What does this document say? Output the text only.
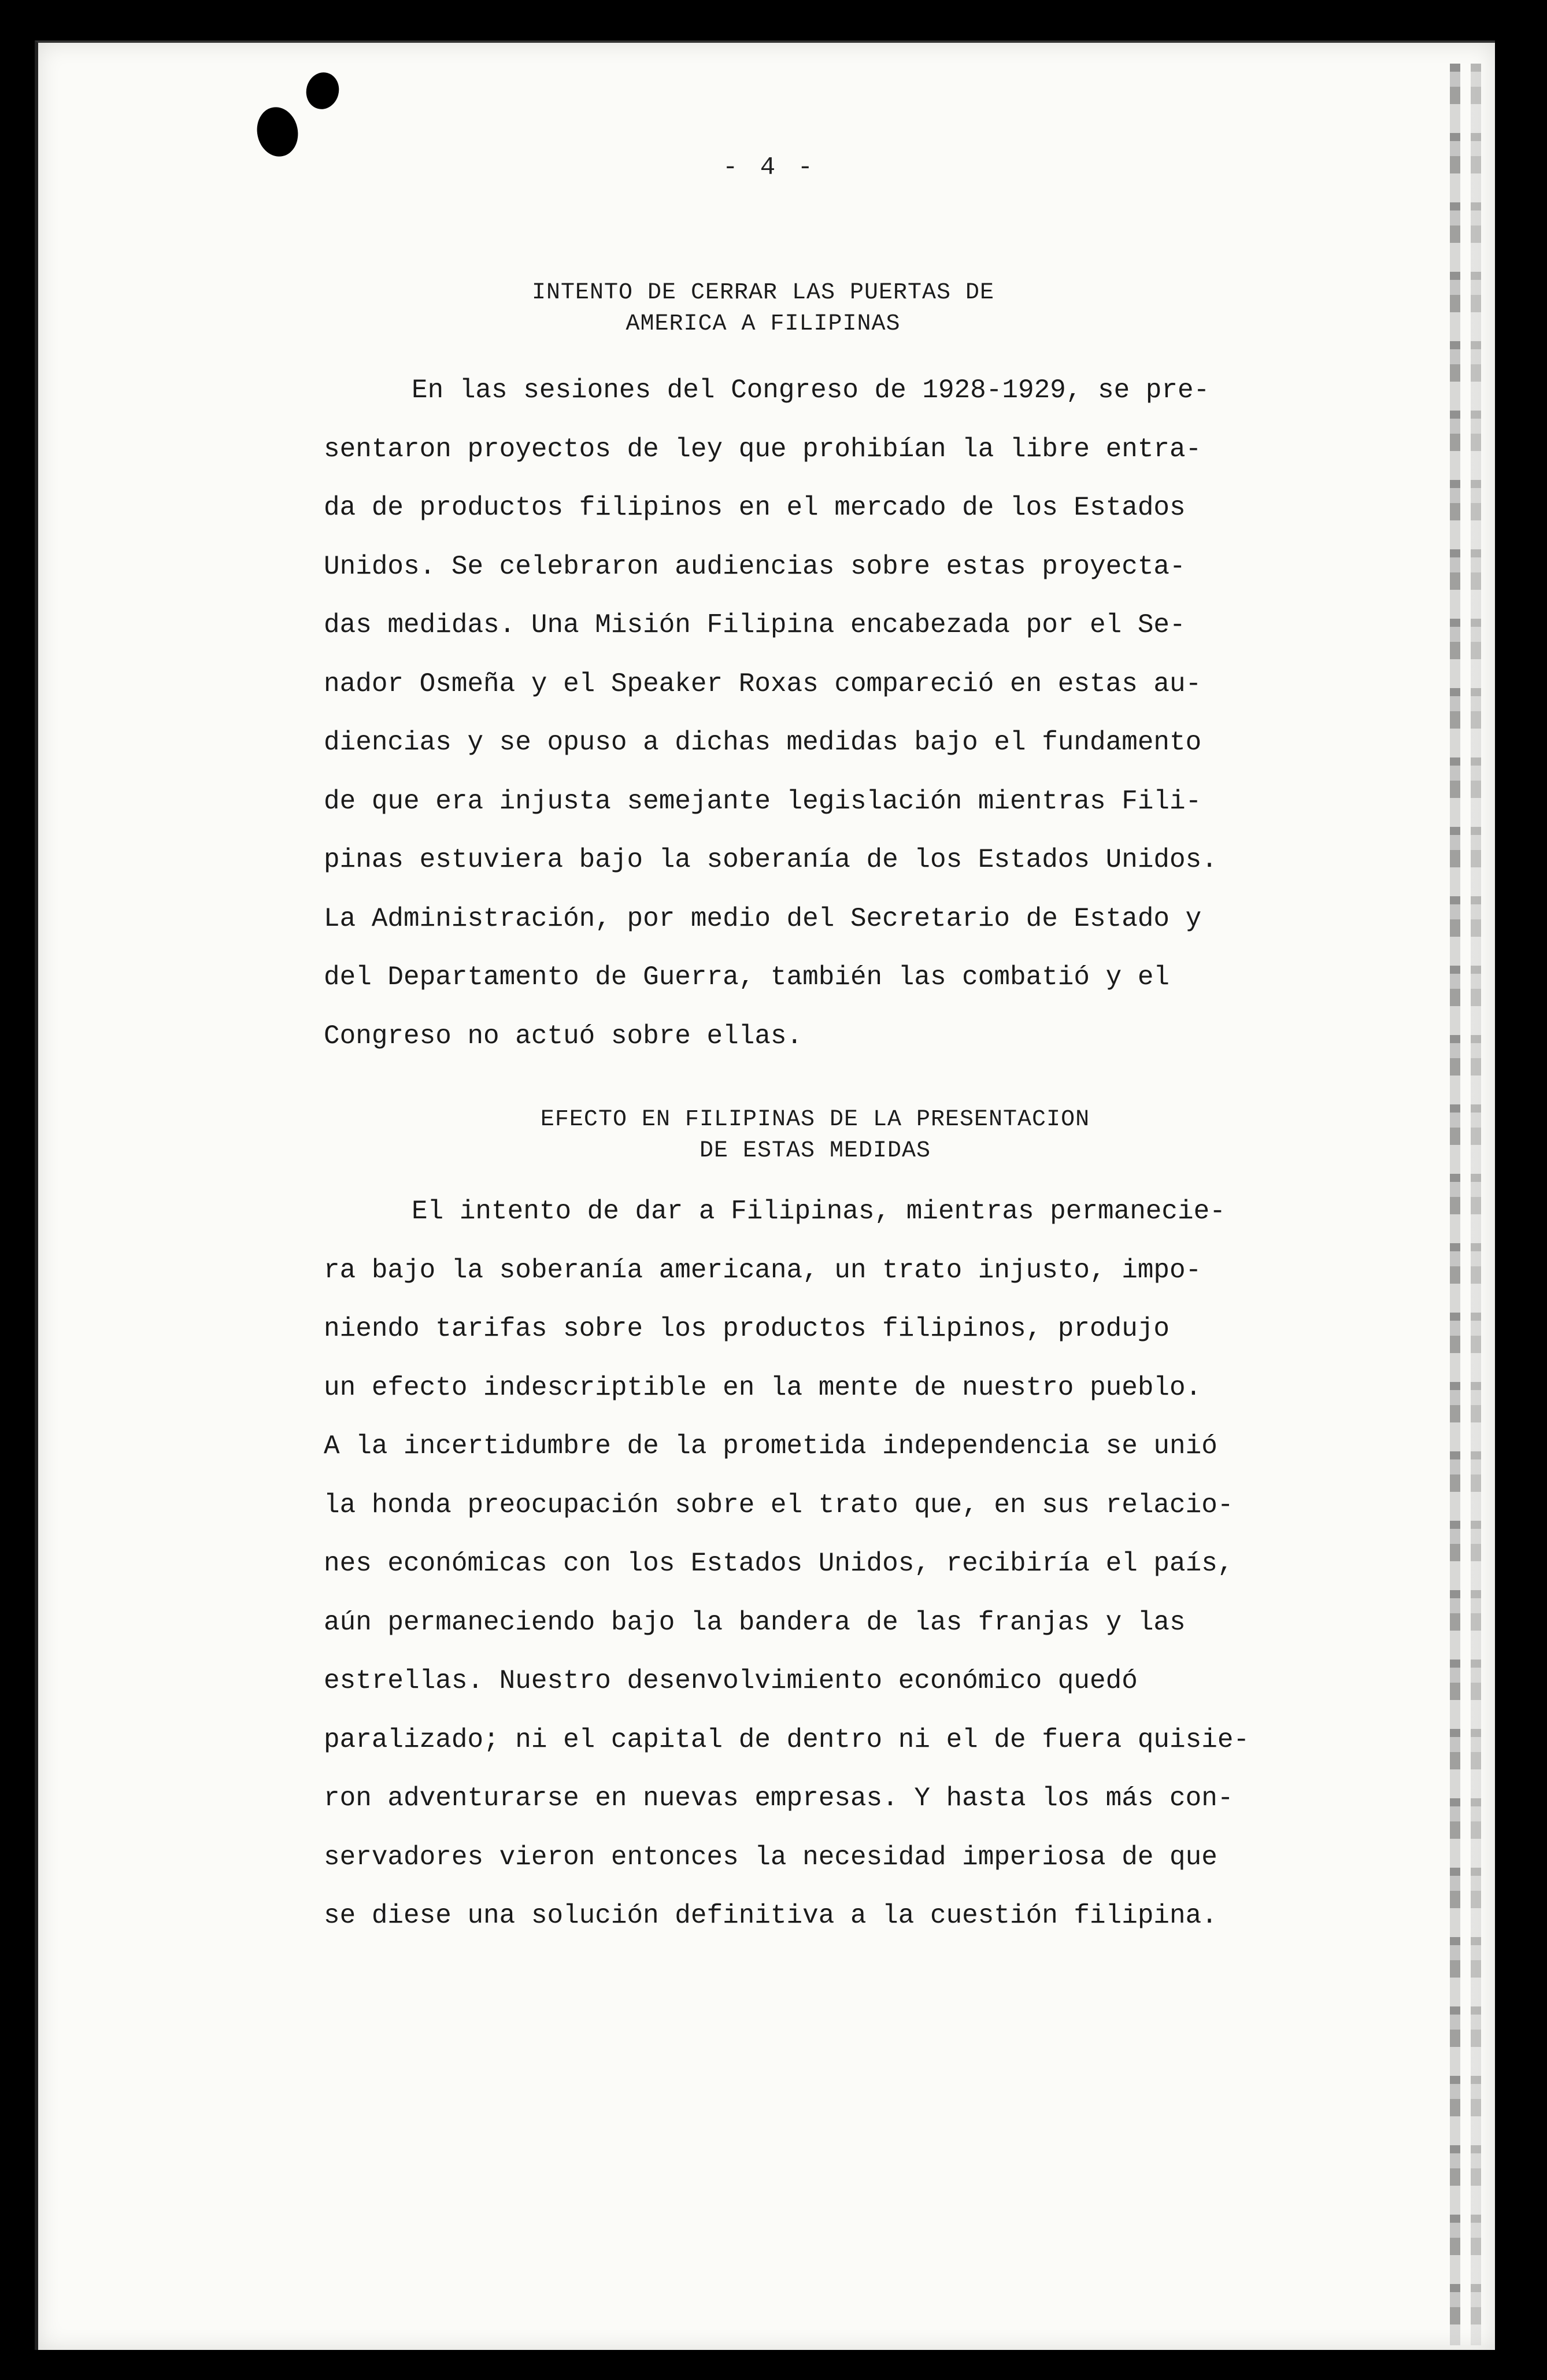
- 4 -
INTENTO DE CERRAR LAS PUERTAS DE
AMERICA A FILIPINAS
En las sesiones del Congreso de 1928-1929, se pre-
sentaron proyectos de ley que prohibían la libre entra-
da de productos filipinos en el mercado de los Estados
Unidos. Se celebraron audiencias sobre estas proyecta-
das medidas. Una Misión Filipina encabezada por el Se-
nador Osmeña y el Speaker Roxas compareció en estas au-
diencias y se opuso a dichas medidas bajo el fundamento
de que era injusta semejante legislación mientras Fili-
pinas estuviera bajo la soberanía de los Estados Unidos.
La Administración, por medio del Secretario de Estado y
del Departamento de Guerra, también las combatió y el
Congreso no actuó sobre ellas.
EFECTO EN FILIPINAS DE LA PRESENTACION
DE ESTAS MEDIDAS
El intento de dar a Filipinas, mientras permanecie-
ra bajo la soberanía americana, un trato injusto, impo-
niendo tarifas sobre los productos filipinos, produjo
un efecto indescriptible en la mente de nuestro pueblo.
A la incertidumbre de la prometida independencia se unió
la honda preocupación sobre el trato que, en sus relacio-
nes económicas con los Estados Unidos, recibiría el país,
aún permaneciendo bajo la bandera de las franjas y las
estrellas. Nuestro desenvolvimiento económico quedó
paralizado; ni el capital de dentro ni el de fuera quisie-
ron adventurarse en nuevas empresas. Y hasta los más con-
servadores vieron entonces la necesidad imperiosa de que
se diese una solución definitiva a la cuestión filipina.
